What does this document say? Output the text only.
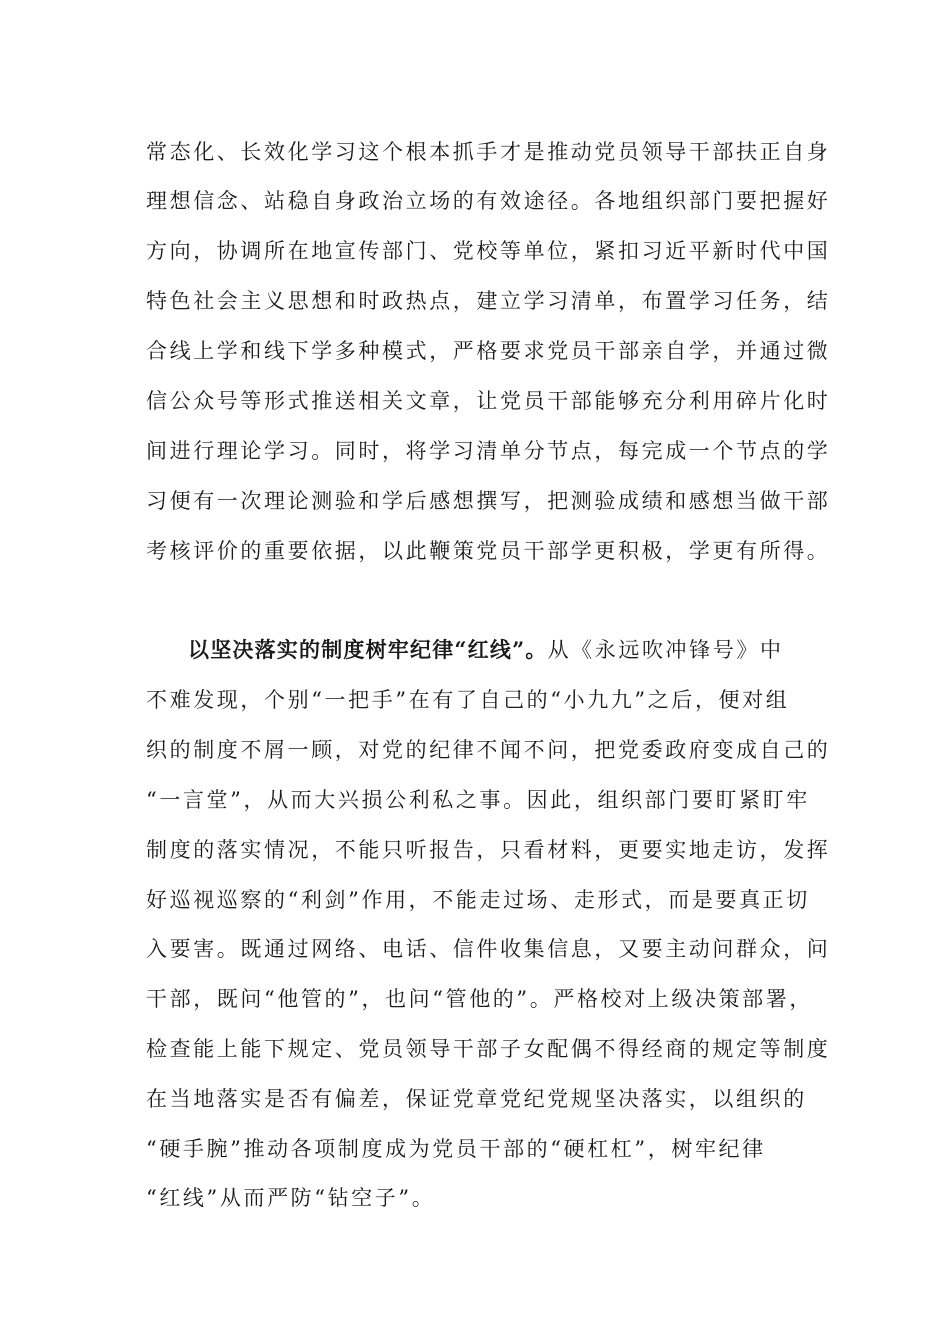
常态化、长效化学习这个根本抓手才是推动党员领导干部扶正自身
理想信念、站稳自身政治立场的有效途径。各地组织部门要把握好
方向，协调所在地宣传部门、党校等单位，紧扣习近平新时代中国
特色社会主义思想和时政热点，建立学习清单，布置学习任务，结
合线上学和线下学多种模式，严格要求党员干部亲自学，并通过微
信公众号等形式推送相关文章，让党员干部能够充分利用碎片化时
间进行理论学习。同时，将学习清单分节点，每完成一个节点的学
习便有一次理论测验和学后感想撰写，把测验成绩和感想当做干部
考核评价的重要依据，以此鞭策党员干部学更积极，学更有所得。
以坚决落实的制度树牢纪律“红线”。从《永远吹冲锋号》中
不难发现，个别“一把手”在有了自己的“小九九”之后，便对组
织的制度不屑一顾，对党的纪律不闻不问，把党委政府变成自己的
“一言堂”，从而大兴损公利私之事。因此，组织部门要盯紧盯牢
制度的落实情况，不能只听报告，只看材料，更要实地走访，发挥
好巡视巡察的“利剑”作用，不能走过场、走形式，而是要真正切
入要害。既通过网络、电话、信件收集信息，又要主动问群众，问
干部，既问“他管的”，也问“管他的”。严格校对上级决策部署，
检查能上能下规定、党员领导干部子女配偶不得经商的规定等制度
在当地落实是否有偏差，保证党章党纪党规坚决落实，以组织的
“硬手腕”推动各项制度成为党员干部的“硬杠杠”，树牢纪律
“红线”从而严防“钻空子”。
